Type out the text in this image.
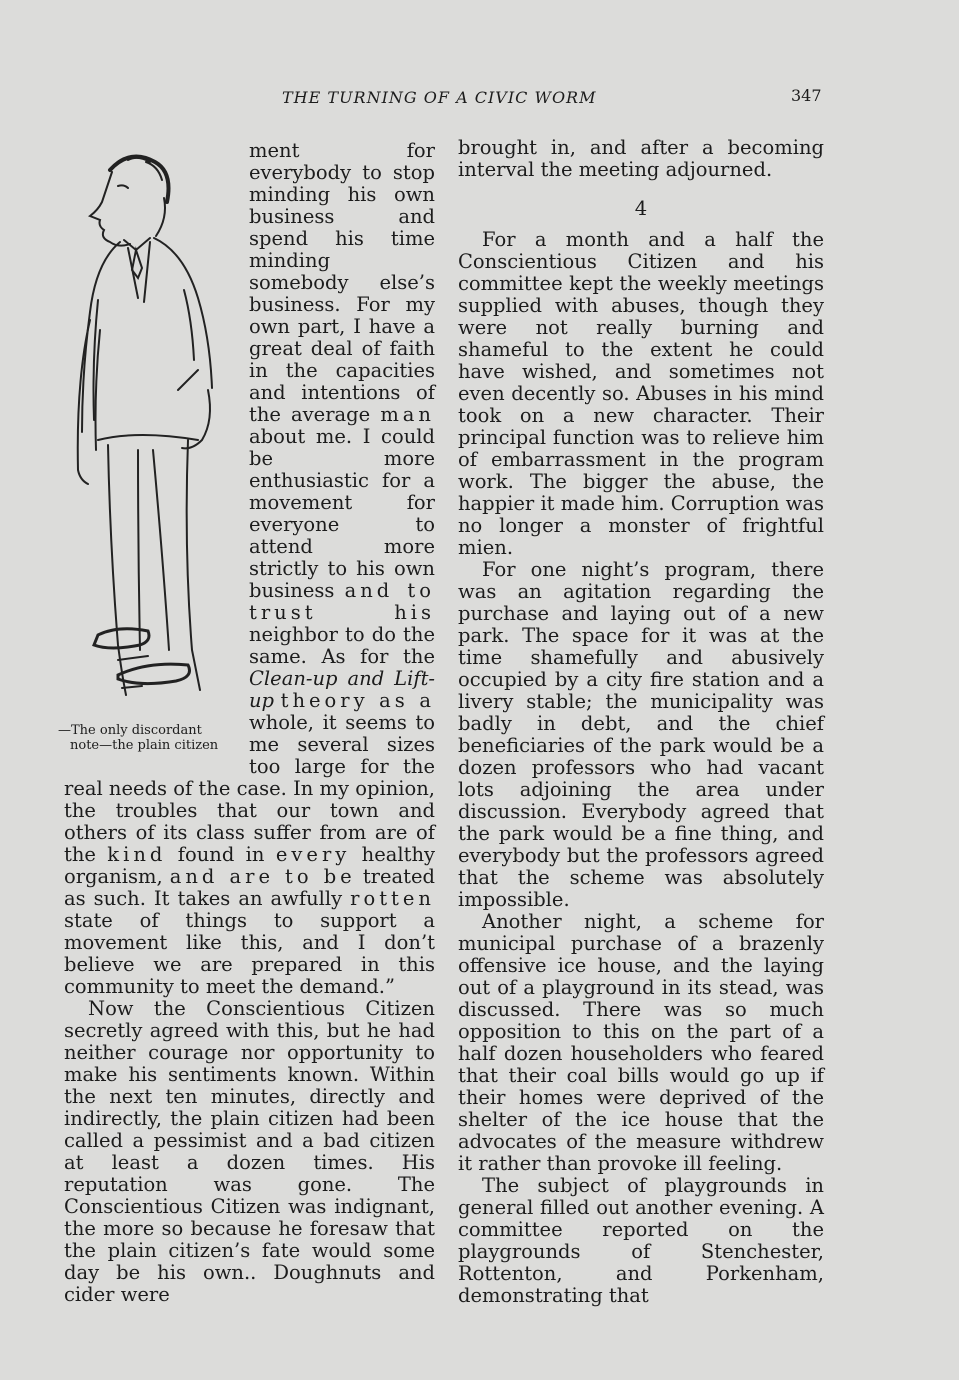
THE TURNING OF A CIVIC WORM	347
—The only discordant
note—the plain citizen

ment for everybody to stop minding his own business and spend his time minding somebody else’s business. For my own part, I have a great deal of faith in the capacities and intentions of the average man about me. I could be more enthusiastic for a movement for everyone to attend more strictly to his own business and to trust his neighbor to do the same. As for the Clean-up and Lift-up theory as a whole, it seems to me several sizes too large for the real needs of the case. In my opinion, the troubles that our town and others of its class suffer from are of the kind found in every healthy organism, and are to be treated as such. It takes an awfully rotten state of things to support a movement like this, and I don’t believe we are prepared in this community to meet the demand.”

Now the Conscientious Citizen secretly agreed with this, but he had neither courage nor opportunity to make his sentiments known. Within the next ten minutes, directly and indirectly, the plain citizen had been called a pessimist and a bad citizen at least a dozen times. His reputation was gone. The Conscientious Citizen was indignant, the more so because he foresaw that the plain citizen’s fate would some day be his own.. Doughnuts and cider were

brought in, and after a becoming interval the meeting adjourned.

4

For a month and a half the Conscientious Citizen and his committee kept the weekly meetings supplied with abuses, though they were not really burning and shameful to the extent he could have wished, and sometimes not even decently so. Abuses in his mind took on a new character. Their principal function was to relieve him of embarrassment in the program work. The bigger the abuse, the happier it made him. Corruption was no longer a monster of frightful mien.

For one night’s program, there was an agitation regarding the purchase and laying out of a new park. The space for it was at the time shamefully and abusively occupied by a city fire station and a livery stable; the municipality was badly in debt, and the chief beneficiaries of the park would be a dozen professors who had vacant lots adjoining the area under discussion. Everybody agreed that the park would be a fine thing, and everybody but the professors agreed that the scheme was absolutely impossible.

Another night, a scheme for municipal purchase of a brazenly offensive ice house, and the laying out of a playground in its stead, was discussed. There was so much opposition to this on the part of a half dozen householders who feared that their coal bills would go up if their homes were deprived of the shelter of the ice house that the advocates of the measure withdrew it rather than provoke ill feeling.

The subject of playgrounds in general filled out another evening. A committee reported on the playgrounds of Stenchester, Rottenton, and Porkenham, demonstrating that
